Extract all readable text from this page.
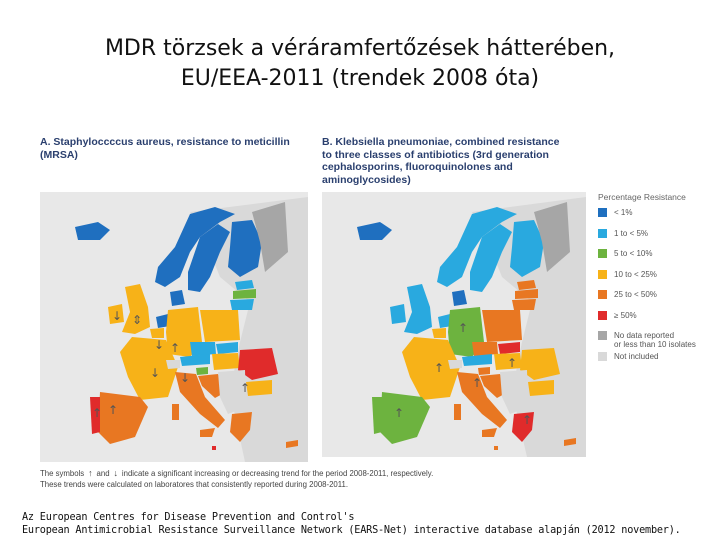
MDR törzsek a véráramfertőzések hátterében,
EU/EEA-2011 (trendek 2008 óta)
A. Staphyloccccus aureus, resistance to meticillin
(MRSA)
B. Klebsiella pneumoniae, combined resistance
to three classes of antibiotics (3rd generation
cephalosporins, fluoroquinolones and
aminoglycosides)
⇕
↓
↓ ↑
↓
↑
↑
↓
↑
↑
↑
↑
↑
↑
↑
Percentage Resistance
< 1%
1 to < 5%
5 to < 10%
10 to < 25%
25 to < 50%
≥ 50%
No data reported
or less than 10 isolates
Not included
The symbols ↑ and ↓ indicate a significant increasing or decreasing trend for the period 2008-2011, respectively.
These trends were calculated on laboratores that consistently reported during 2008-2011.
Az European Centres for Disease Prevention and Control's
European Antimicrobial Resistance Surveillance Network (EARS-Net) interactive database alapján (2012 november).
